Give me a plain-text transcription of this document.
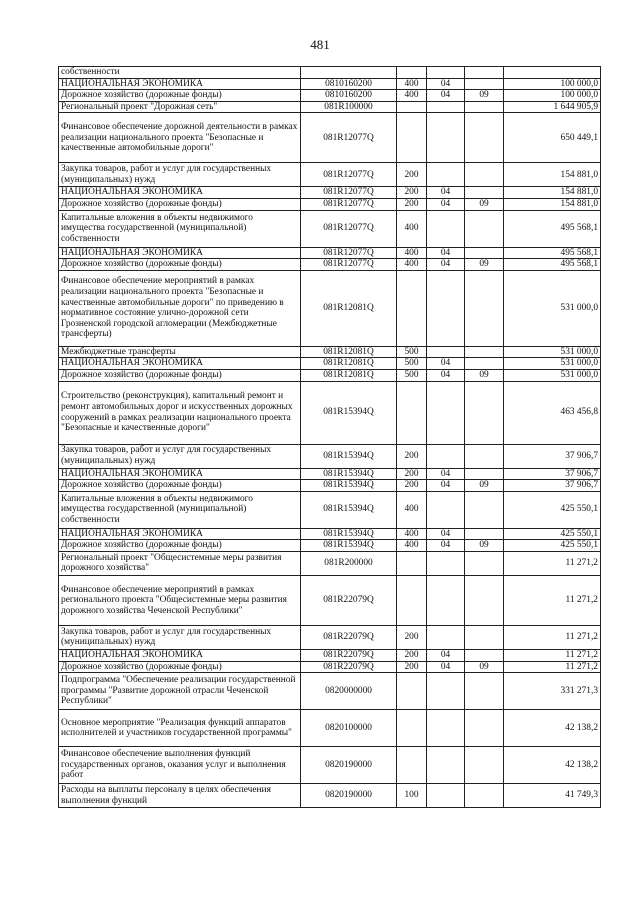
481
собственности					
НАЦИОНАЛЬНАЯ ЭКОНОМИКА	0810160200	400	04		100 000,0
Дорожное хозяйство (дорожные фонды)	0810160200	400	04	09	100 000,0
Региональный проект "Дорожная сеть"	081R100000				1 644 905,9
Финансовое обеспечение дорожной деятельности в рамках реализации национального проекта "Безопасные и качественные автомобильные дороги"	081R12077Q				650 449,1
Закупка товаров, работ и услуг для государственных (муниципальных) нужд	081R12077Q	200			154 881,0
НАЦИОНАЛЬНАЯ ЭКОНОМИКА	081R12077Q	200	04		154 881,0
Дорожное хозяйство (дорожные фонды)	081R12077Q	200	04	09	154 881,0
Капитальные вложения в объекты недвижимого имущества государственной (муниципальной) собственности	081R12077Q	400			495 568,1
НАЦИОНАЛЬНАЯ ЭКОНОМИКА	081R12077Q	400	04		495 568,1
Дорожное хозяйство (дорожные фонды)	081R12077Q	400	04	09	495 568,1
Финансовое обеспечение мероприятий в рамках реализации национального проекта "Безопасные и качественные автомобильные дороги" по приведению в нормативное состояние улично-дорожной сети Грозненской городской агломерации (Межбюджетные трансферты)	081R12081Q				531 000,0
Межбюджетные трансферты	081R12081Q	500			531 000,0
НАЦИОНАЛЬНАЯ ЭКОНОМИКА	081R12081Q	500	04		531 000,0
Дорожное хозяйство (дорожные фонды)	081R12081Q	500	04	09	531 000,0
Строительство (реконструкция), капитальный ремонт и ремонт автомобильных дорог и искусственных дорожных сооружений в рамках реализации национального проекта "Безопасные и качественные дороги"	081R15394Q				463 456,8
Закупка товаров, работ и услуг для государственных (муниципальных) нужд	081R15394Q	200			37 906,7
НАЦИОНАЛЬНАЯ ЭКОНОМИКА	081R15394Q	200	04		37 906,7
Дорожное хозяйство (дорожные фонды)	081R15394Q	200	04	09	37 906,7
Капитальные вложения в объекты недвижимого имущества государственной (муниципальной) собственности	081R15394Q	400			425 550,1
НАЦИОНАЛЬНАЯ ЭКОНОМИКА	081R15394Q	400	04		425 550,1
Дорожное хозяйство (дорожные фонды)	081R15394Q	400	04	09	425 550,1
Региональный проект "Общесистемные меры развития дорожного хозяйства"	081R200000				11 271,2
Финансовое обеспечение мероприятий в рамках регионального проекта "Общесистемные меры развития дорожного хозяйства Чеченской Республики"	081R22079Q				11 271,2
Закупка товаров, работ и услуг для государственных (муниципальных) нужд	081R22079Q	200			11 271,2
НАЦИОНАЛЬНАЯ ЭКОНОМИКА	081R22079Q	200	04		11 271,2
Дорожное хозяйство (дорожные фонды)	081R22079Q	200	04	09	11 271,2
Подпрограмма "Обеспечение реализации государственной программы "Развитие дорожной отрасли Чеченской Республики"	0820000000				331 271,3
Основное мероприятие "Реализация функций аппаратов исполнителей и участников государственной программы"	0820100000				42 138,2
Финансовое обеспечение выполнения функций государственных органов, оказания услуг и выполнения работ	0820190000				42 138,2
Расходы на выплаты персоналу в целях обеспечения выполнения функций	0820190000	100			41 749,3
